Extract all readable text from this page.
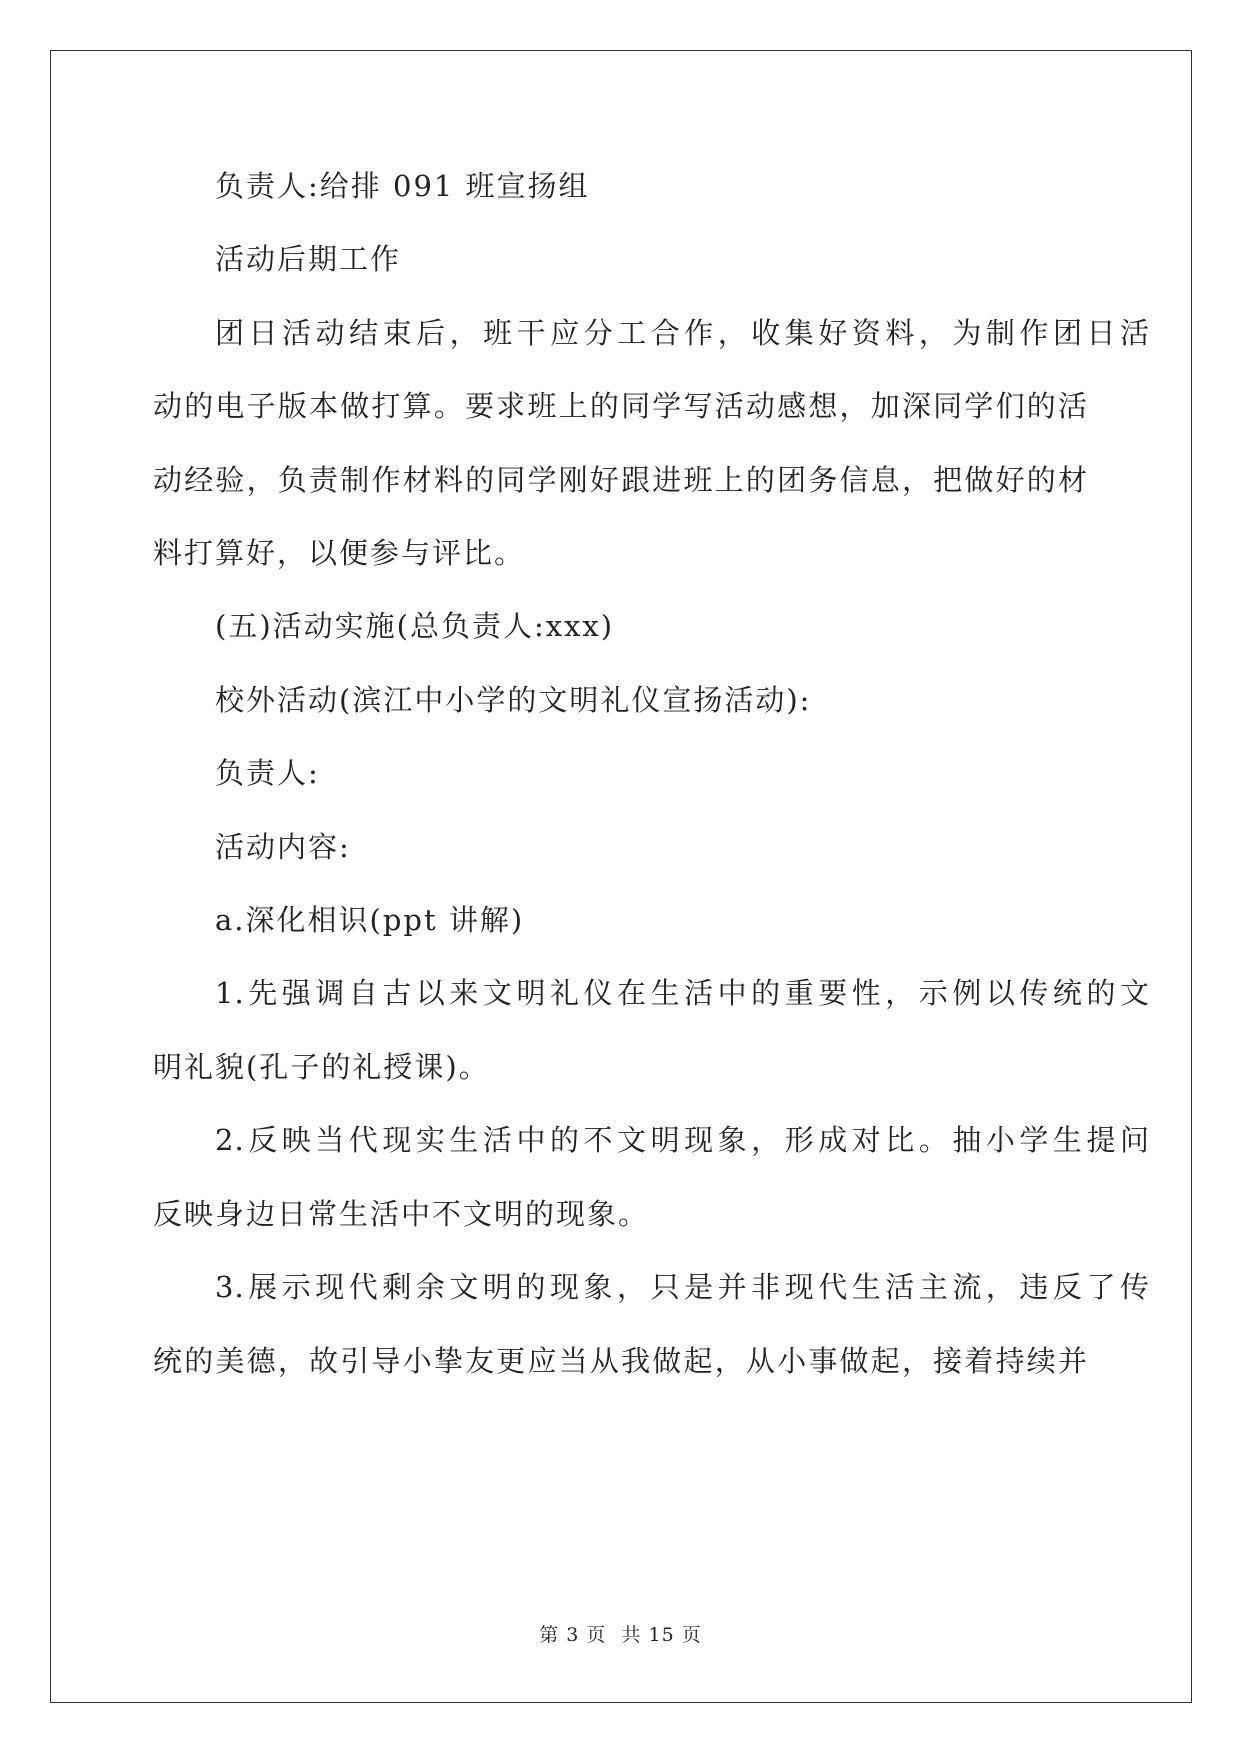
负责人:给排 091 班宣扬组
活动后期工作
团日活动结束后，班干应分工合作，收集好资料，为制作团日活
动的电子版本做打算。要求班上的同学写活动感想，加深同学们的活
动经验，负责制作材料的同学刚好跟进班上的团务信息，把做好的材
料打算好，以便参与评比。
(五)活动实施(总负责人:xxx)
校外活动(滨江中小学的文明礼仪宣扬活动):
负责人:
活动内容:
a.深化相识(ppt 讲解)
1.先强调自古以来文明礼仪在生活中的重要性，示例以传统的文
明礼貌(孔子的礼授课)。
2.反映当代现实生活中的不文明现象，形成对比。抽小学生提问
反映身边日常生活中不文明的现象。
3.展示现代剩余文明的现象，只是并非现代生活主流，违反了传
统的美德，故引导小挚友更应当从我做起，从小事做起，接着持续并
第 3 页 共 15 页
